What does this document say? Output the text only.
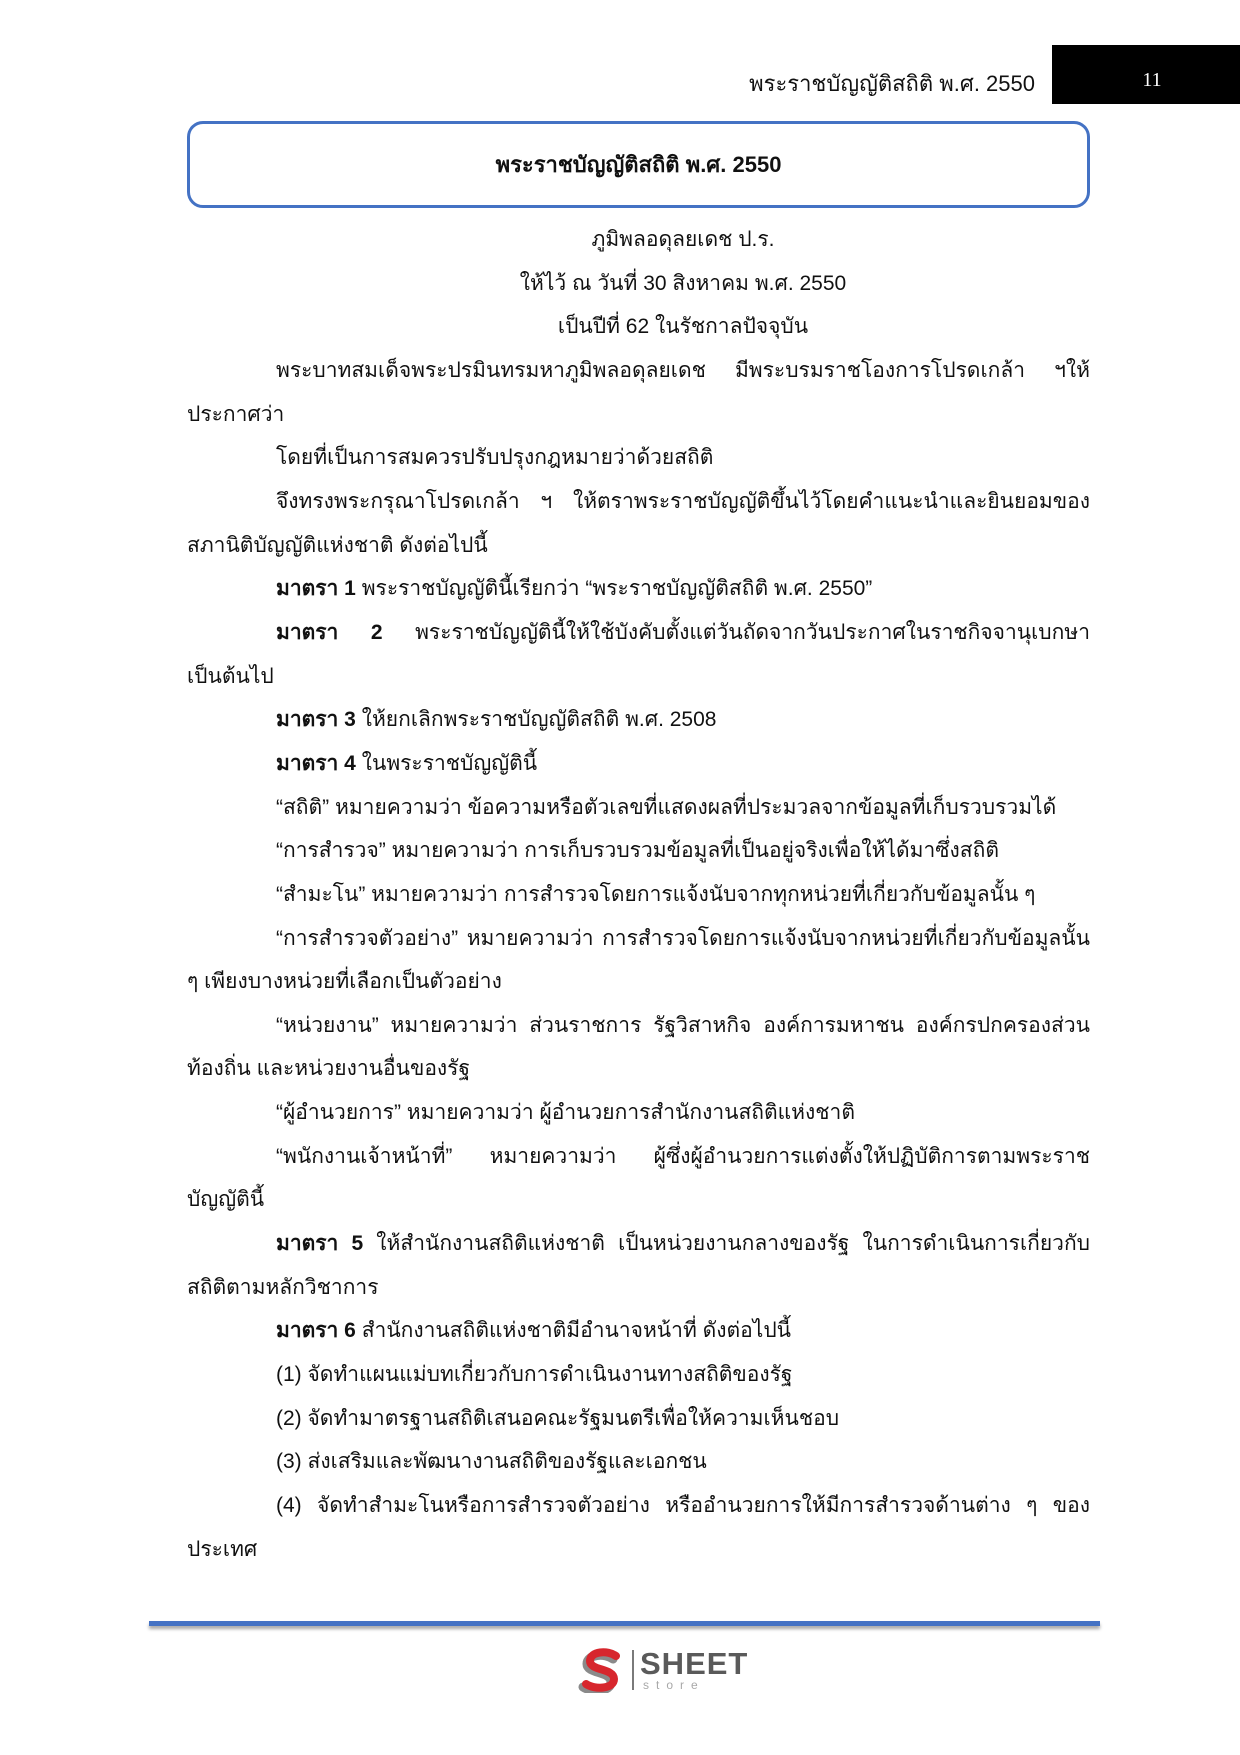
พระราชบัญญัติสถิติ พ.ศ. 2550	11
พระราชบัญญัติสถิติ พ.ศ. 2550

ภูมิพลอดุลยเดช ป.ร.

ให้ไว้ ณ วันที่ 30 สิงหาคม พ.ศ. 2550

เป็นปีที่ 62 ในรัชกาลปัจจุบัน

พระบาทสมเด็จพระปรมินทรมหาภูมิพลอดุลยเดช มีพระบรมราชโองการโปรดเกล้า ฯให้ประกาศว่า

โดยที่เป็นการสมควรปรับปรุงกฎหมายว่าด้วยสถิติ

จึงทรงพระกรุณาโปรดเกล้า ฯ ให้ตราพระราชบัญญัติขึ้นไว้โดยคำแนะนำและยินยอมของสภานิติบัญญัติแห่งชาติ ดังต่อไปนี้

มาตรา 1 พระราชบัญญัตินี้เรียกว่า “พระราชบัญญัติสถิติ พ.ศ. 2550”

มาตรา 2 พระราชบัญญัตินี้ให้ใช้บังคับตั้งแต่วันถัดจากวันประกาศในราชกิจจานุเบกษาเป็นต้นไป

มาตรา 3 ให้ยกเลิกพระราชบัญญัติสถิติ พ.ศ. 2508

มาตรา 4 ในพระราชบัญญัตินี้

“สถิติ” หมายความว่า ข้อความหรือตัวเลขที่แสดงผลที่ประมวลจากข้อมูลที่เก็บรวบรวมได้

“การสำรวจ” หมายความว่า การเก็บรวบรวมข้อมูลที่เป็นอยู่จริงเพื่อให้ได้มาซึ่งสถิติ

“สำมะโน” หมายความว่า การสำรวจโดยการแจ้งนับจากทุกหน่วยที่เกี่ยวกับข้อมูลนั้น ๆ

“การสำรวจตัวอย่าง” หมายความว่า การสำรวจโดยการแจ้งนับจากหน่วยที่เกี่ยวกับข้อมูลนั้น ๆ เพียงบางหน่วยที่เลือกเป็นตัวอย่าง

“หน่วยงาน” หมายความว่า ส่วนราชการ รัฐวิสาหกิจ องค์การมหาชน องค์กรปกครองส่วนท้องถิ่น และหน่วยงานอื่นของรัฐ

“ผู้อำนวยการ” หมายความว่า ผู้อำนวยการสำนักงานสถิติแห่งชาติ

“พนักงานเจ้าหน้าที่” หมายความว่า ผู้ซึ่งผู้อำนวยการแต่งตั้งให้ปฏิบัติการตามพระราชบัญญัตินี้

มาตรา 5 ให้สำนักงานสถิติแห่งชาติ เป็นหน่วยงานกลางของรัฐ ในการดำเนินการเกี่ยวกับสถิติตามหลักวิชาการ

มาตรา 6 สำนักงานสถิติแห่งชาติมีอำนาจหน้าที่ ดังต่อไปนี้

(1) จัดทำแผนแม่บทเกี่ยวกับการดำเนินงานทางสถิติของรัฐ

(2) จัดทำมาตรฐานสถิติเสนอคณะรัฐมนตรีเพื่อให้ความเห็นชอบ

(3) ส่งเสริมและพัฒนางานสถิติของรัฐและเอกชน

(4) จัดทำสำมะโนหรือการสำรวจตัวอย่าง หรืออำนวยการให้มีการสำรวจด้านต่าง ๆ ของประเทศ

SHEET
store
